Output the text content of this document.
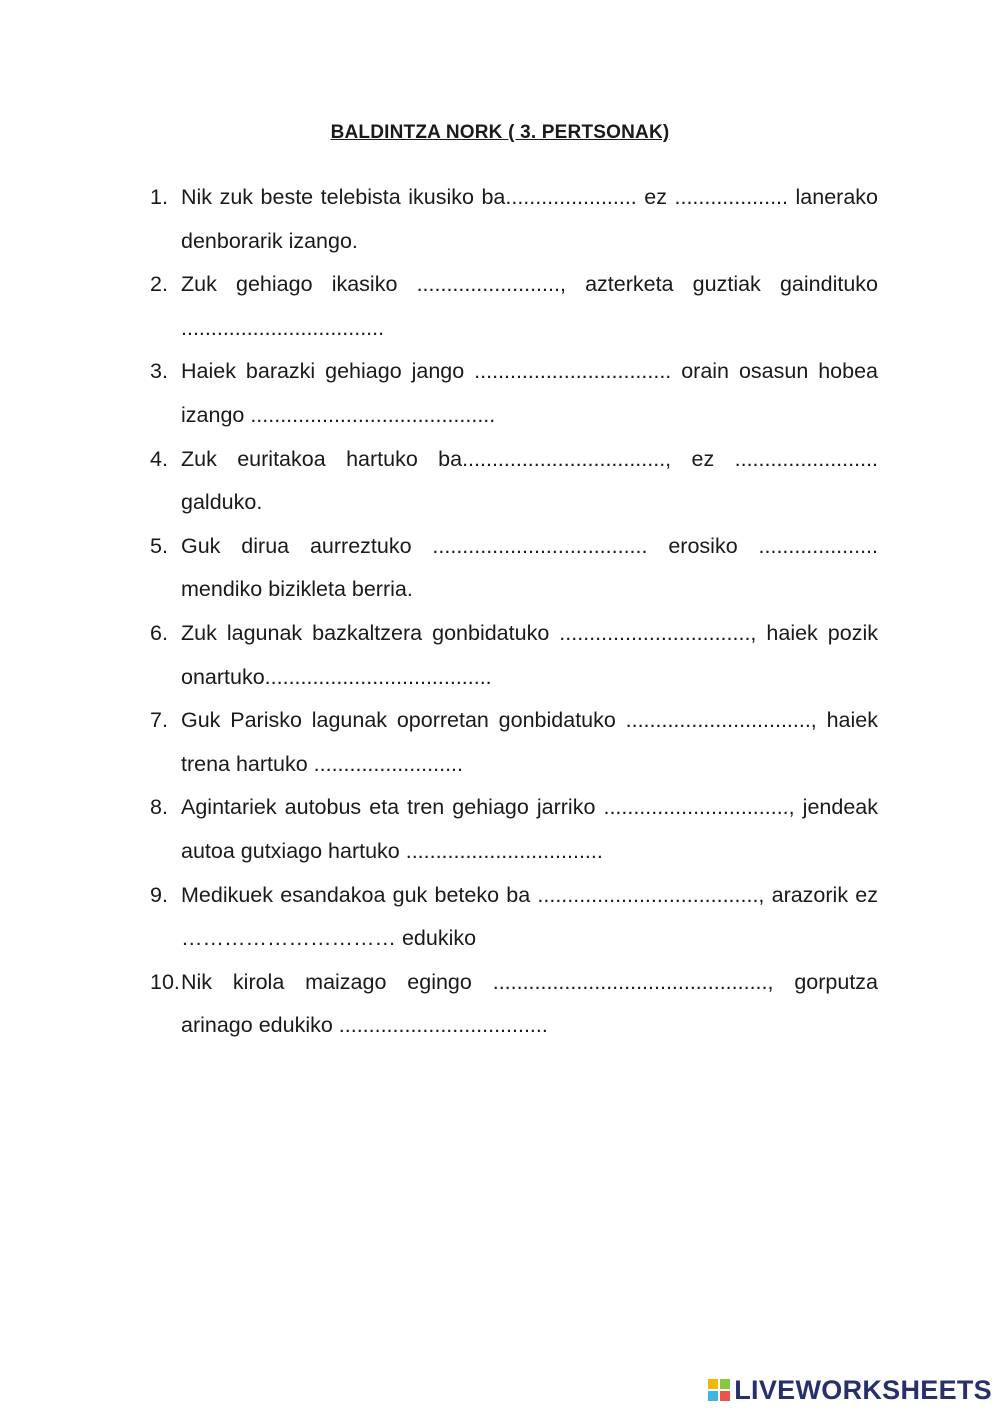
BALDINTZA NORK ( 3. PERTSONAK)
1. Nik zuk beste telebista ikusiko ba...................... ez ................... lanerako denborarik izango.
2. Zuk gehiago ikasiko ........................, azterketa guztiak gaindituko ..................................
3. Haiek barazki gehiago jango ................................. orain osasun hobea izango .........................................
4. Zuk euritakoa hartuko ba.................................., ez ........................ galduko.
5. Guk dirua aurreztuko .................................... erosiko .................... mendiko bizikleta berria.
6. Zuk lagunak bazkaltzera gonbidatuko ................................, haiek pozik onartuko......................................
7. Guk Parisko lagunak oporretan gonbidatuko ..............................., haiek trena hartuko .........................
8. Agintariek autobus eta tren gehiago jarriko ..............................., jendeak autoa gutxiago hartuko .................................
9. Medikuek esandakoa guk beteko ba ....................................., arazorik ez ………………………… edukiko
10. Nik kirola maizago egingo .............................................., gorputza arinago edukiko ...................................
LIVEWORKSHEETS
